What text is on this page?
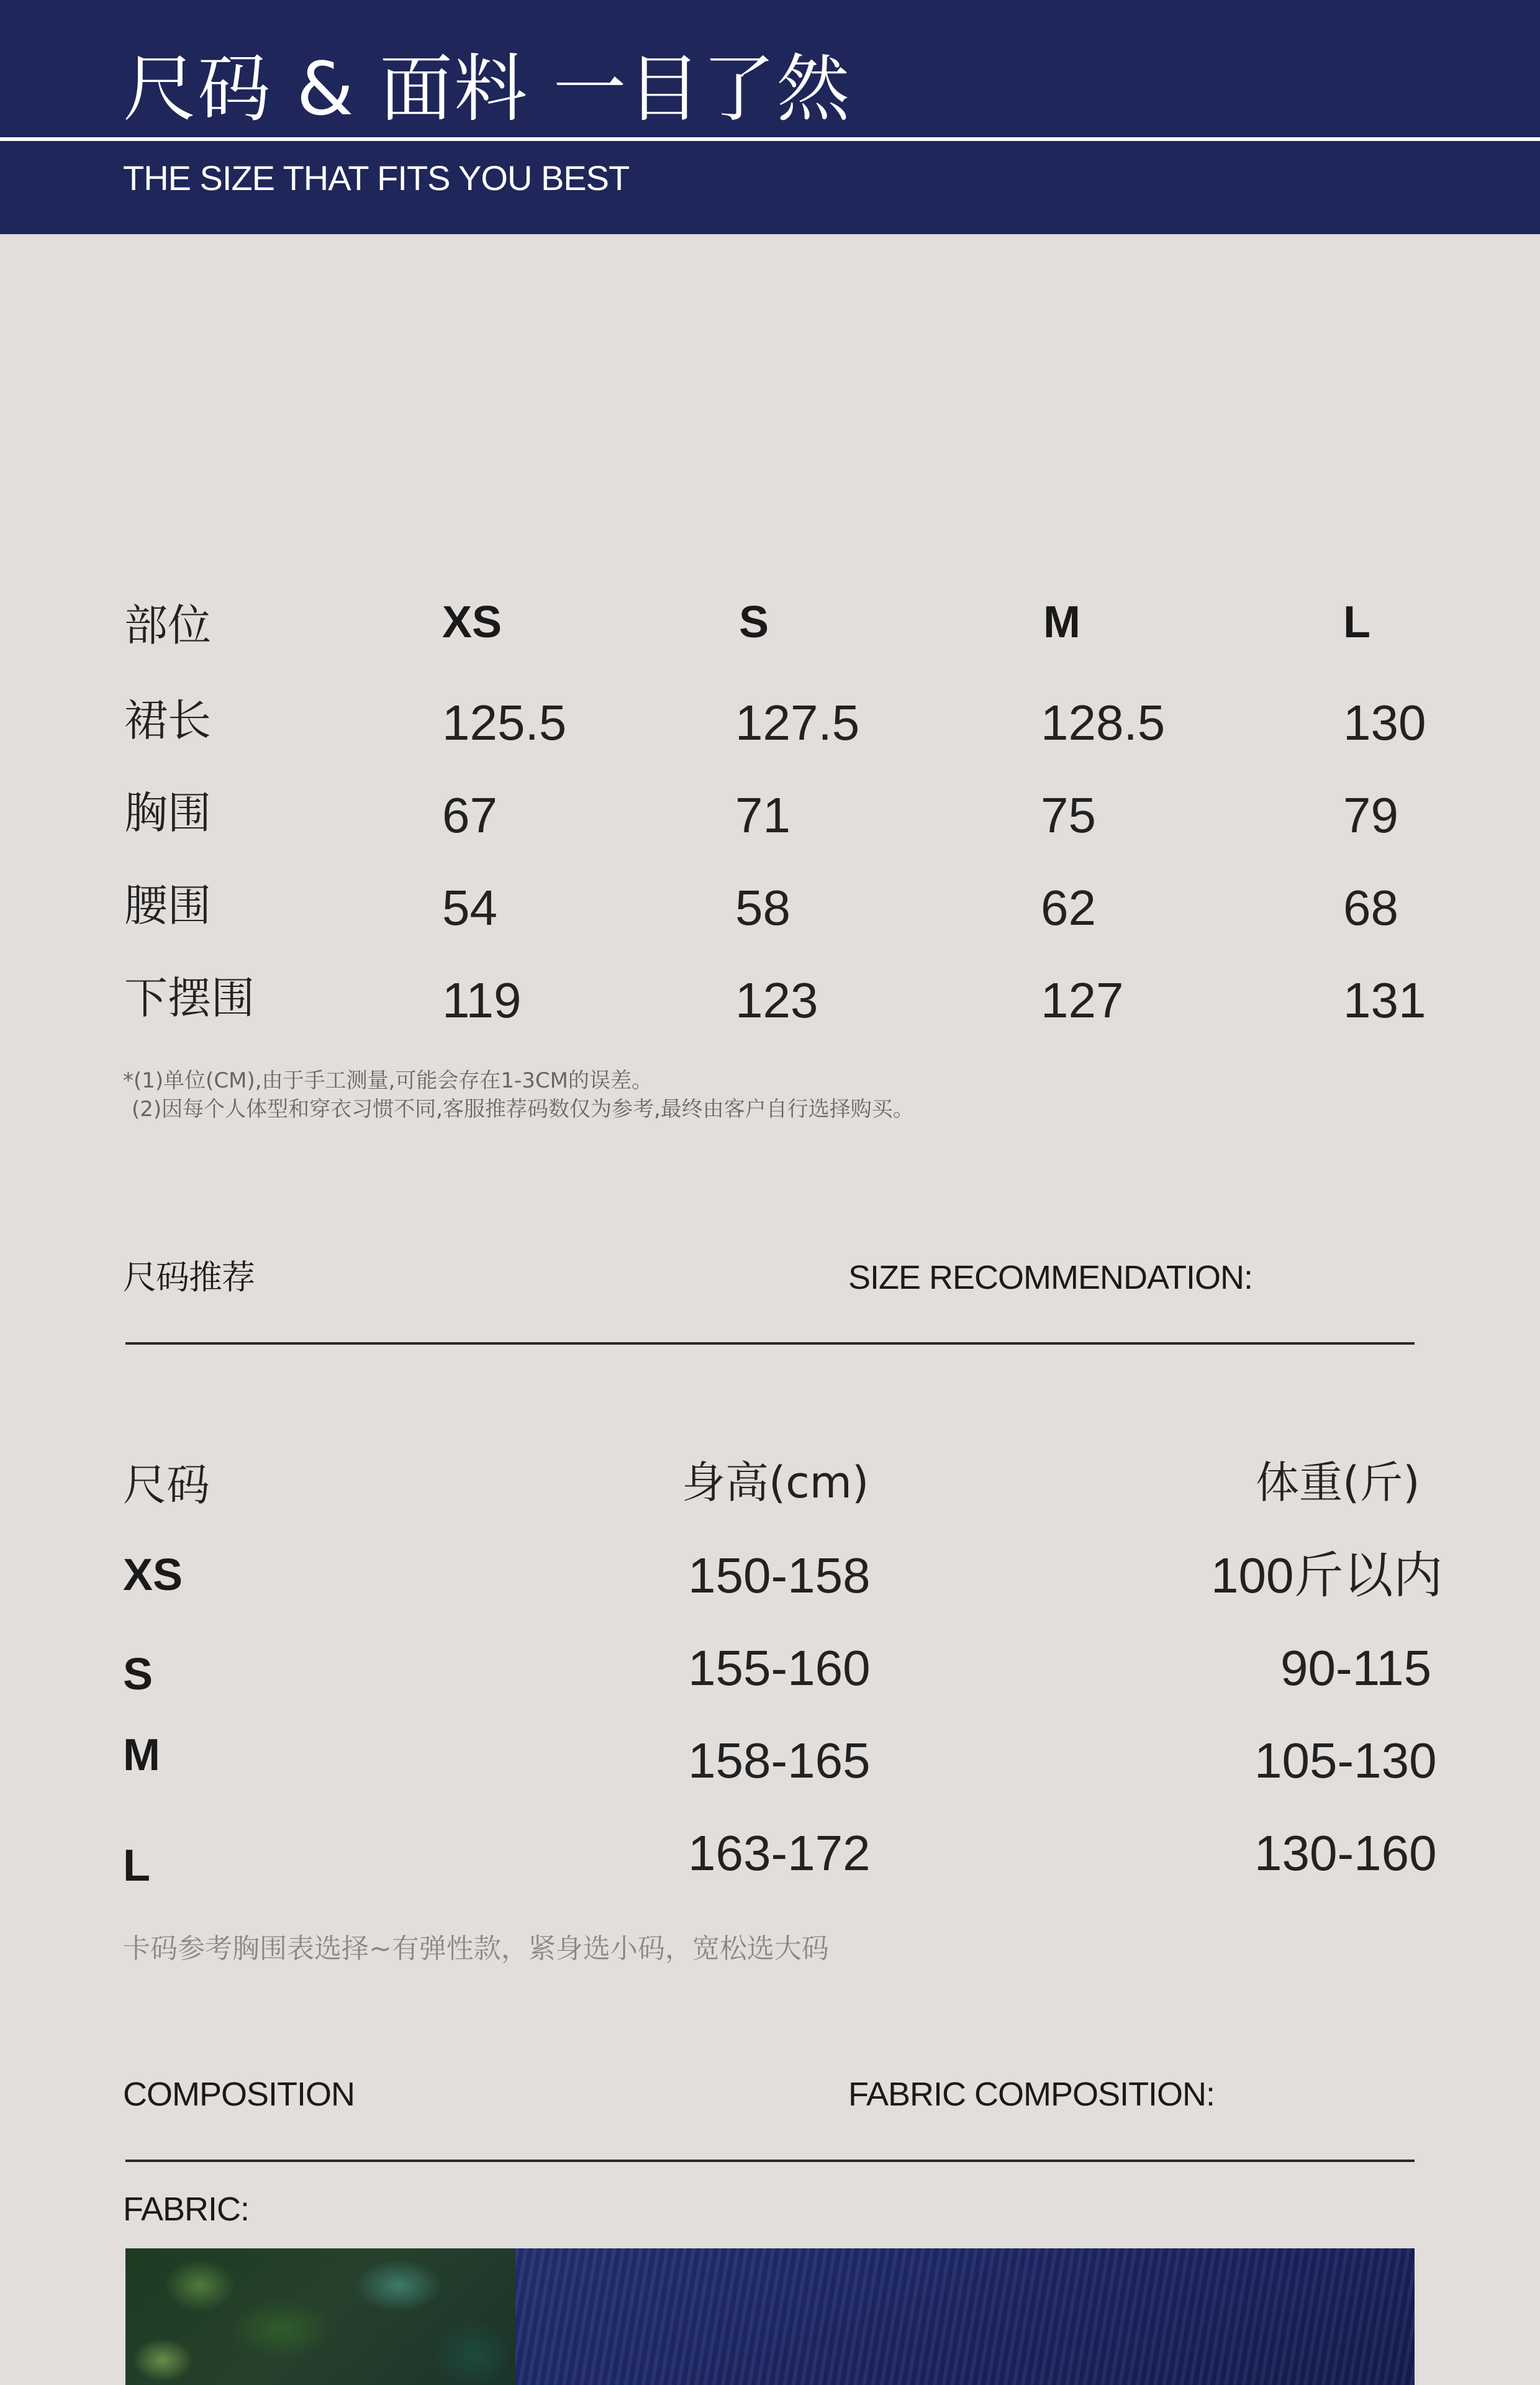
尺码 & 面料 一目了然
THE SIZE THAT FITS YOU BEST
部位	XS	S	M	L
裙长	125.5	127.5	128.5	130
胸围	67	71	75	79
腰围	54	58	62	68
下摆围	119	123	127	131
*(1)单位(CM),由于手工测量,可能会存在1-3CM的误差。
(2)因每个人体型和穿衣习惯不同,客服推荐码数仅为参考,最终由客户自行选择购买。
尺码推荐	SIZE RECOMMENDATION:
尺码	身高(cm)	体重(斤)
XS	150-158	100斤以内
S	155-160	90-115
M	158-165	105-130
L	163-172	130-160
卡码参考胸围表选择~有弹性款，紧身选小码，宽松选大码
COMPOSITION	FABRIC COMPOSITION:
FABRIC:
